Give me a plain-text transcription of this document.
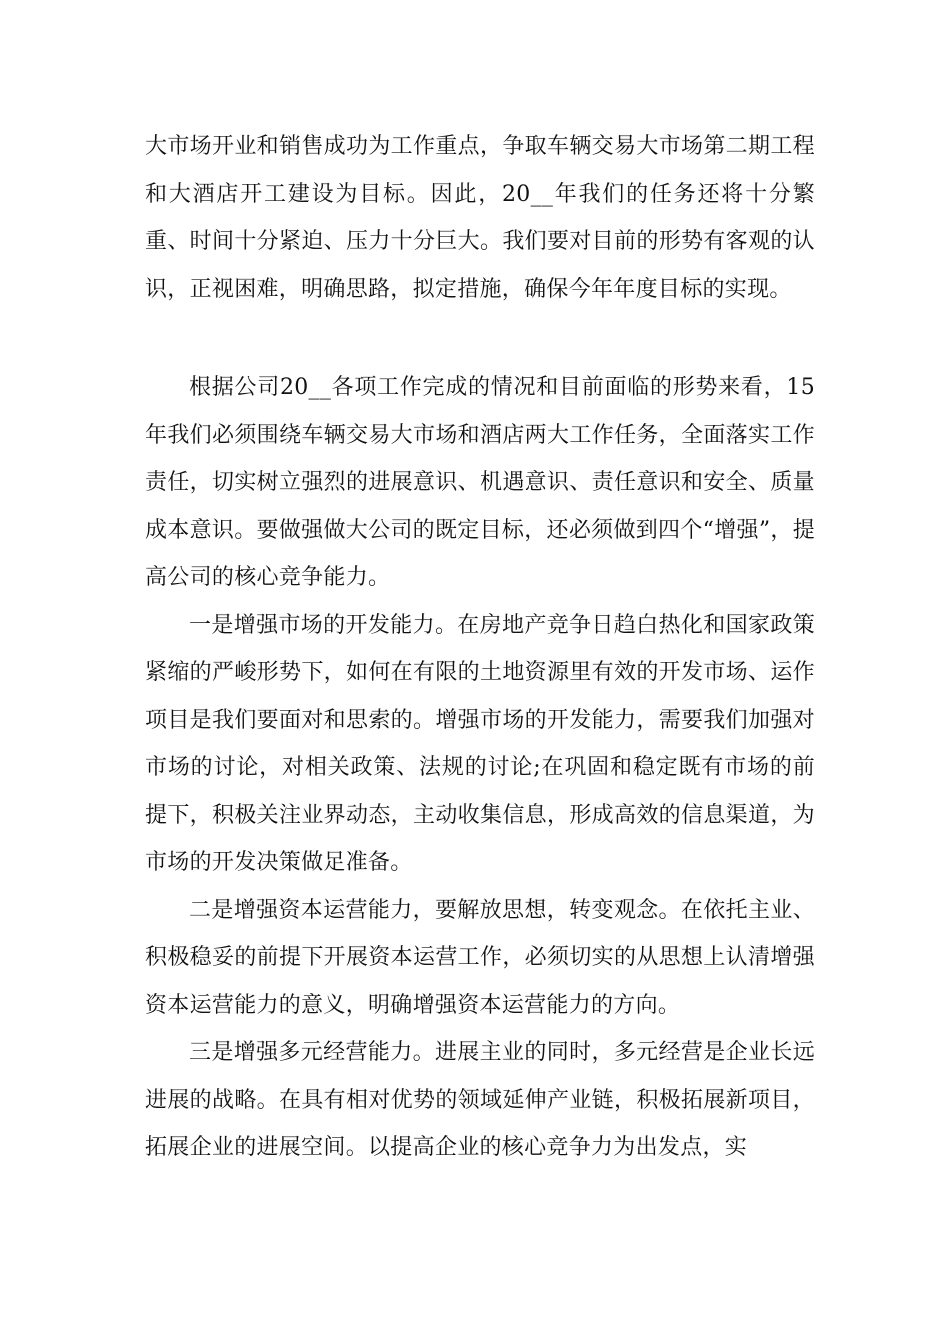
大市场开业和销售成功为工作重点，争取车辆交易大市场第二期工程和大酒店开工建设为目标。因此，20__年我们的任务还将十分繁重、时间十分紧迫、压力十分巨大。我们要对目前的形势有客观的认识，正视困难，明确思路，拟定措施，确保今年年度目标的实现。

根据公司20__各项工作完成的情况和目前面临的形势来看，15年我们必须围绕车辆交易大市场和酒店两大工作任务，全面落实工作责任，切实树立强烈的进展意识、机遇意识、责任意识和安全、质量成本意识。要做强做大公司的既定目标，还必须做到四个“增强”，提高公司的核心竞争能力。

一是增强市场的开发能力。在房地产竞争日趋白热化和国家政策紧缩的严峻形势下，如何在有限的土地资源里有效的开发市场、运作项目是我们要面对和思索的。增强市场的开发能力，需要我们加强对市场的讨论，对相关政策、法规的讨论;在巩固和稳定既有市场的前提下，积极关注业界动态，主动收集信息，形成高效的信息渠道，为市场的开发决策做足准备。

二是增强资本运营能力，要解放思想，转变观念。在依托主业、积极稳妥的前提下开展资本运营工作，必须切实的从思想上认清增强资本运营能力的意义，明确增强资本运营能力的方向。

三是增强多元经营能力。进展主业的同时，多元经营是企业长远进展的战略。在具有相对优势的领域延伸产业链，积极拓展新项目，拓展企业的进展空间。以提高企业的核心竞争力为出发点，实
